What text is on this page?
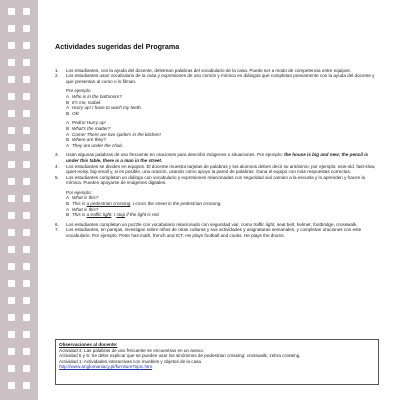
Actividades sugeridas del Programa
1.	Los estudiantes, con la ayuda del docente, deletrean palabras del vocabulario de la casa. Puede ser a modo de competencia entre equipos.
2.	Los estudiantes usan vocabulario de la casa y expresiones de uso común y mímica en diálogos que completan previamente con la ayuda del docente y que presentan al curso o lo filman.
Por ejemplo
A Who is in the bathroom?
B It's me, Isabel.
A Hurry up! I have to wash my teeth.
B Ok!
A Pedro! Hurry up!
B What's the matter?
A Come! There are two spiders in the kitchen!
B Where are they?
A They are under the chair.
3.	Usan algunas palabras de uso frecuente en oraciones para describir imágenes o situaciones. Por ejemplo: the house is big and new; the pencil is under this table, there is a man in the street.
4.	Los estudiantes se dividen en equipos. El docente muestra tarjetas de palabras y los alumnos deben decir su antónimo; por ejemplo: new-old, fast-slow, quiet-noisy, big-small y, si es posible, una oración, usando como apoyo la pared de palabras. Gana el equipo con más respuestas correctas.
5.	Los estudiantes completan un diálogo con vocabulario y expresiones relacionadas con seguridad vial camino a la escuela y lo aprenden y hacen la mímica. Pueden apoyarse de imágenes digitales.
Por ejemplo:
A What is this?
B This is a pedestrian crossing. I cross the street in the pedestrian crossing.
A What is this?
B This is a traffic light. I stop if the light is red.
6.	Los estudiantes completan un puzzle con vocabulario relacionado con seguridad vial, como traffic light, seat belt, helmet, footbridge, crosswalk.
7.	Los estudiantes, en parejas, investigan sobre niños de otras culturas y sus actividades y asignaturas semanales, y completan oraciones con este vocabulario. Por ejemplo: Peter has math, french and ICT. He plays football and cooks. He plays the drums.
Observaciones al docente:
Actividad 3: Las palabras de uso frecuente se encuentran en un anexo.
Actividad 5 y 6: Se debe explicar que se pueden usar los sinónimos de pedestrian crossing: crosswalk, zebra crossing.
Actividad 1: Actividades interactivas con muebles y objetos de la casa
http://www.anglomaniacy.pl/furnitureTopic.htm
